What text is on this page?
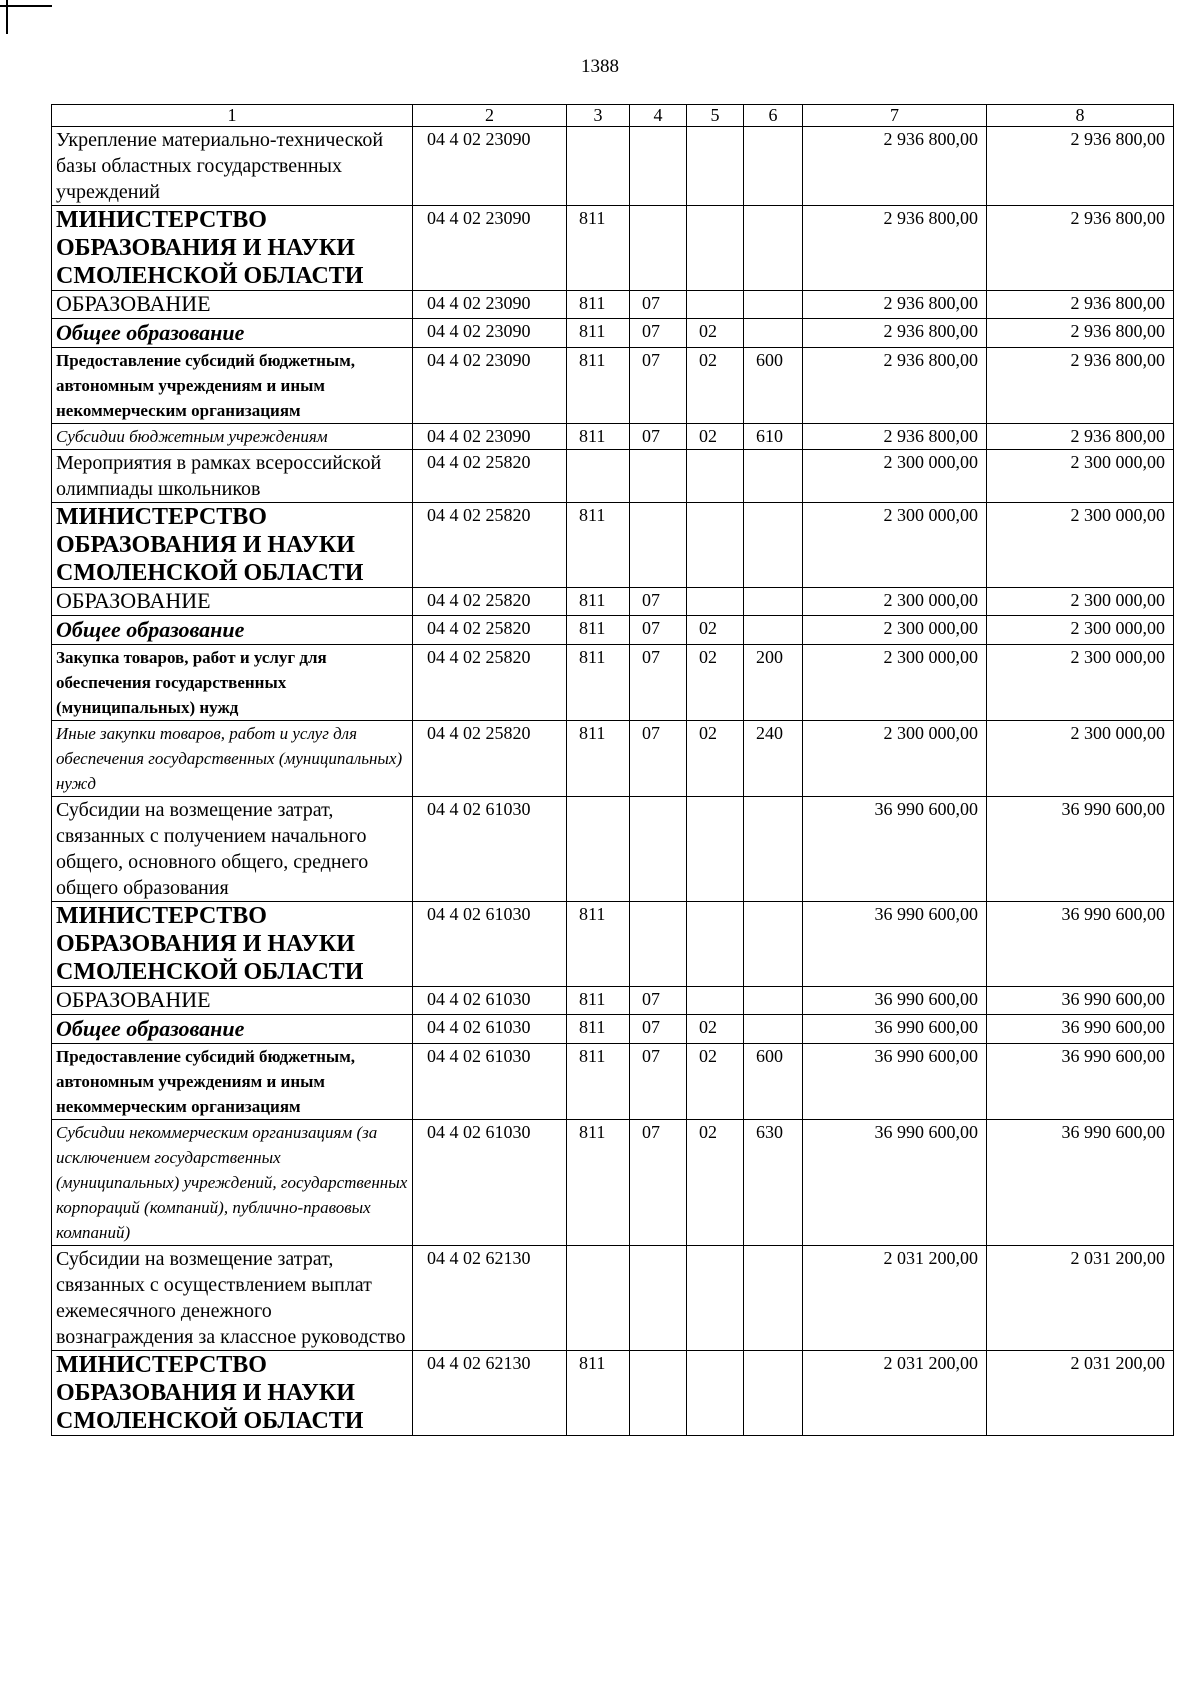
1388
1	2	3	4	5	6	7	8
Укрепление материально-технической базы областных государственных учреждений	04 4 02 23090					2 936 800,00	2 936 800,00
МИНИСТЕРСТВО ОБРАЗОВАНИЯ И НАУКИ СМОЛЕНСКОЙ ОБЛАСТИ	04 4 02 23090	811				2 936 800,00	2 936 800,00
ОБРАЗОВАНИЕ	04 4 02 23090	811	07			2 936 800,00	2 936 800,00
Общее образование	04 4 02 23090	811	07	02		2 936 800,00	2 936 800,00
Предоставление субсидий бюджетным, автономным учреждениям и иным некоммерческим организациям	04 4 02 23090	811	07	02	600	2 936 800,00	2 936 800,00
Субсидии бюджетным учреждениям	04 4 02 23090	811	07	02	610	2 936 800,00	2 936 800,00
Мероприятия в рамках всероссийской олимпиады школьников	04 4 02 25820					2 300 000,00	2 300 000,00
МИНИСТЕРСТВО ОБРАЗОВАНИЯ И НАУКИ СМОЛЕНСКОЙ ОБЛАСТИ	04 4 02 25820	811				2 300 000,00	2 300 000,00
ОБРАЗОВАНИЕ	04 4 02 25820	811	07			2 300 000,00	2 300 000,00
Общее образование	04 4 02 25820	811	07	02		2 300 000,00	2 300 000,00
Закупка товаров, работ и услуг для обеспечения государственных (муниципальных) нужд	04 4 02 25820	811	07	02	200	2 300 000,00	2 300 000,00
Иные закупки товаров, работ и услуг для обеспечения государственных (муниципальных) нужд	04 4 02 25820	811	07	02	240	2 300 000,00	2 300 000,00
Субсидии на возмещение затрат, связанных с получением начального общего, основного общего, среднего общего образования	04 4 02 61030					36 990 600,00	36 990 600,00
МИНИСТЕРСТВО ОБРАЗОВАНИЯ И НАУКИ СМОЛЕНСКОЙ ОБЛАСТИ	04 4 02 61030	811				36 990 600,00	36 990 600,00
ОБРАЗОВАНИЕ	04 4 02 61030	811	07			36 990 600,00	36 990 600,00
Общее образование	04 4 02 61030	811	07	02		36 990 600,00	36 990 600,00
Предоставление субсидий бюджетным, автономным учреждениям и иным некоммерческим организациям	04 4 02 61030	811	07	02	600	36 990 600,00	36 990 600,00
Субсидии некоммерческим организациям (за исключением государственных (муниципальных) учреждений, государственных корпораций (компаний), публично-правовых компаний)	04 4 02 61030	811	07	02	630	36 990 600,00	36 990 600,00
Субсидии на возмещение затрат, связанных с осуществлением выплат ежемесячного денежного вознаграждения за классное руководство	04 4 02 62130					2 031 200,00	2 031 200,00
МИНИСТЕРСТВО ОБРАЗОВАНИЯ И НАУКИ СМОЛЕНСКОЙ ОБЛАСТИ	04 4 02 62130	811				2 031 200,00	2 031 200,00
